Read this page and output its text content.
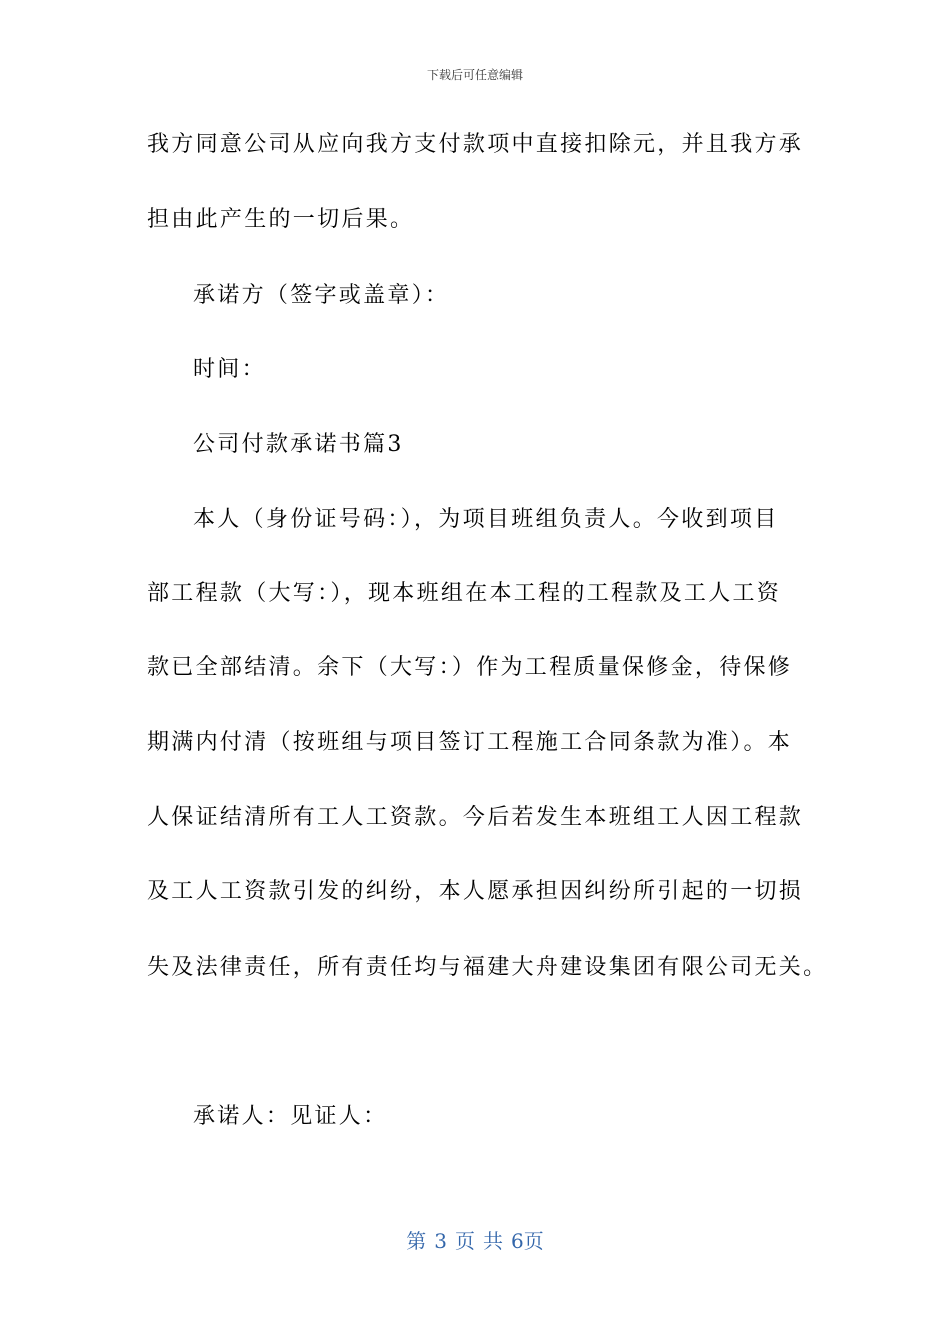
下载后可任意编辑
我方同意公司从应向我方支付款项中直接扣除元，并且我方承
担由此产生的一切后果。
承诺方（签字或盖章）：
时间：
公司付款承诺书篇3
本人（身份证号码：），为项目班组负责人。今收到项目
部工程款（大写：），现本班组在本工程的工程款及工人工资
款已全部结清。余下（大写：）作为工程质量保修金，待保修
期满内付清（按班组与项目签订工程施工合同条款为准）。本
人保证结清所有工人工资款。今后若发生本班组工人因工程款
及工人工资款引发的纠纷，本人愿承担因纠纷所引起的一切损
失及法律责任，所有责任均与福建大舟建设集团有限公司无关。
承诺人：见证人：
第 3 页 共 6页
